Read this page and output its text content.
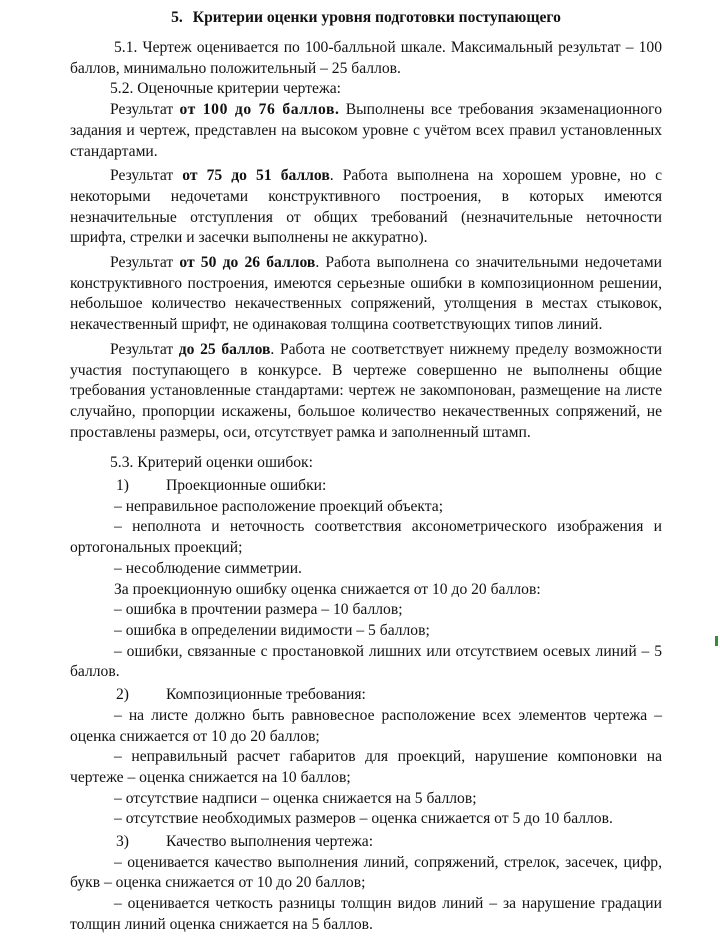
5. Критерии оценки уровня подготовки поступающего

5.1. Чертеж оценивается по 100-балльной шкале. Максимальный результат – 100 баллов, минимально положительный – 25 баллов.

5.2. Оценочные критерии чертежа:

Результат от 100 до 76 баллов. Выполнены все требования экзаменационного задания и чертеж, представлен на высоком уровне с учётом всех правил установленных стандартами.

Результат от 75 до 51 баллов. Работа выполнена на хорошем уровне, но с некоторыми недочетами конструктивного построения, в которых имеются незначительные отступления от общих требований (незначительные неточности шрифта, стрелки и засечки выполнены не аккуратно).

Результат от 50 до 26 баллов. Работа выполнена со значительными недочетами конструктивного построения, имеются серьезные ошибки в композиционном решении, небольшое количество некачественных сопряжений, утолщения в местах стыковок, некачественный шрифт, не одинаковая толщина соответствующих типов линий.

Результат до 25 баллов. Работа не соответствует нижнему пределу возможности участия поступающего в конкурсе. В чертеже совершенно не выполнены общие требования установленные стандартами: чертеж не закомпонован, размещение на листе случайно, пропорции искажены, большое количество некачественных сопряжений, не проставлены размеры, оси, отсутствует рамка и заполненный штамп.

5.3. Критерий оценки ошибок:

1) Проекционные ошибки:

– неправильное расположение проекций объекта;

– неполнота и неточность соответствия аксонометрического изображения и ортогональных проекций;

– несоблюдение симметрии.

За проекционную ошибку оценка снижается от 10 до 20 баллов:

– ошибка в прочтении размера – 10 баллов;

– ошибка в определении видимости – 5 баллов;

– ошибки, связанные с простановкой лишних или отсутствием осевых линий – 5 баллов.

2) Композиционные требования:

– на листе должно быть равновесное расположение всех элементов чертежа – оценка снижается от 10 до 20 баллов;

– неправильный расчет габаритов для проекций, нарушение компоновки на чертеже – оценка снижается на 10 баллов;

– отсутствие надписи – оценка снижается на 5 баллов;

– отсутствие необходимых размеров – оценка снижается от 5 до 10 баллов.

3) Качество выполнения чертежа:

– оценивается качество выполнения линий, сопряжений, стрелок, засечек, цифр, букв – оценка снижается от 10 до 20 баллов;

– оценивается четкость разницы толщин видов линий – за нарушение градации толщин линий оценка снижается на 5 баллов.
